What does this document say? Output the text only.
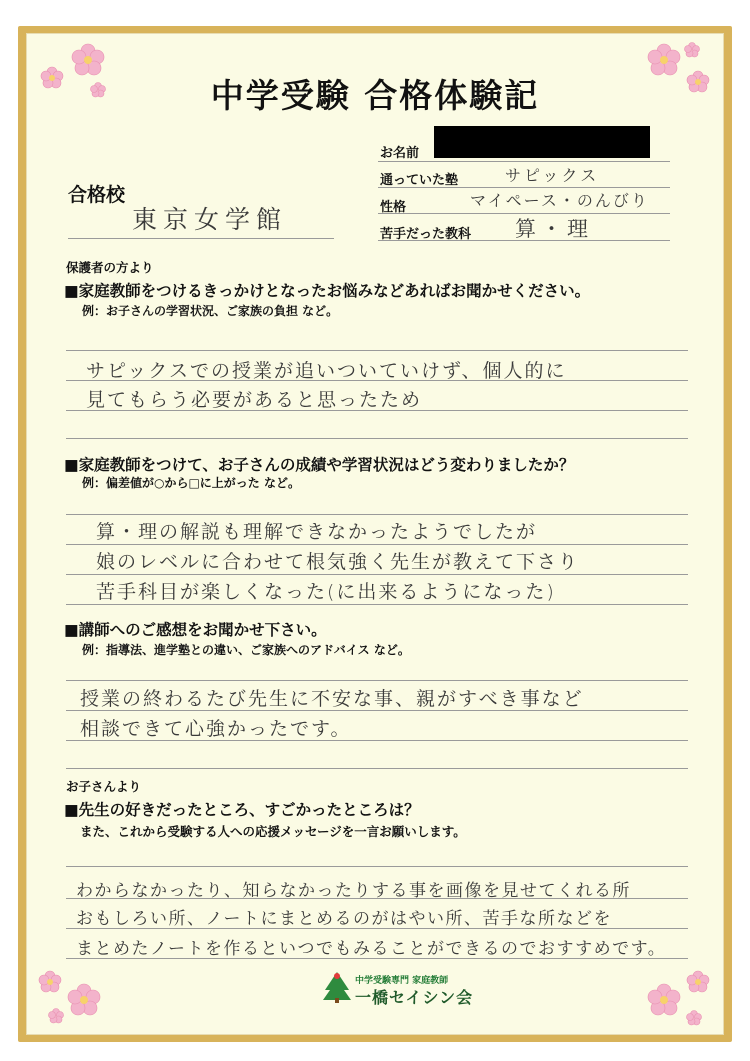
中学受験 合格体験記
お名前
通っていた塾	サピックス
性格	マイペース・のんびり
苦手だった教科 算・理
合格校
東京女学館
保護者の方より
■家庭教師をつけるきっかけとなったお悩みなどあればお聞かせください。
例：お子さんの学習状況、ご家族の負担 など。
サピックスでの授業が追いついていけず、個人的に
見てもらう必要があると思ったため
■家庭教師をつけて、お子さんの成績や学習状況はどう変わりましたか？
例：偏差値が○から□に上がった など。
算・理の解説も理解できなかったようでしたが
娘のレベルに合わせて根気強く先生が教えて下さり
苦手科目が楽しくなった(に出来るようになった)
■講師へのご感想をお聞かせ下さい。
例：指導法、進学塾との違い、ご家族へのアドバイス など。
授業の終わるたび先生に不安な事、親がすべき事など
相談できて心強かったです。
お子さんより
■先生の好きだったところ、すごかったところは？
また、これから受験する人への応援メッセージを一言お願いします。
わからなかったり、知らなかったりする事を画像を見せてくれる所
おもしろい所、ノートにまとめるのがはやい所、苦手な所などを
まとめたノートを作るといつでもみることができるのでおすすめです。
中学受験専門 家庭教師
一橋セイシン会
